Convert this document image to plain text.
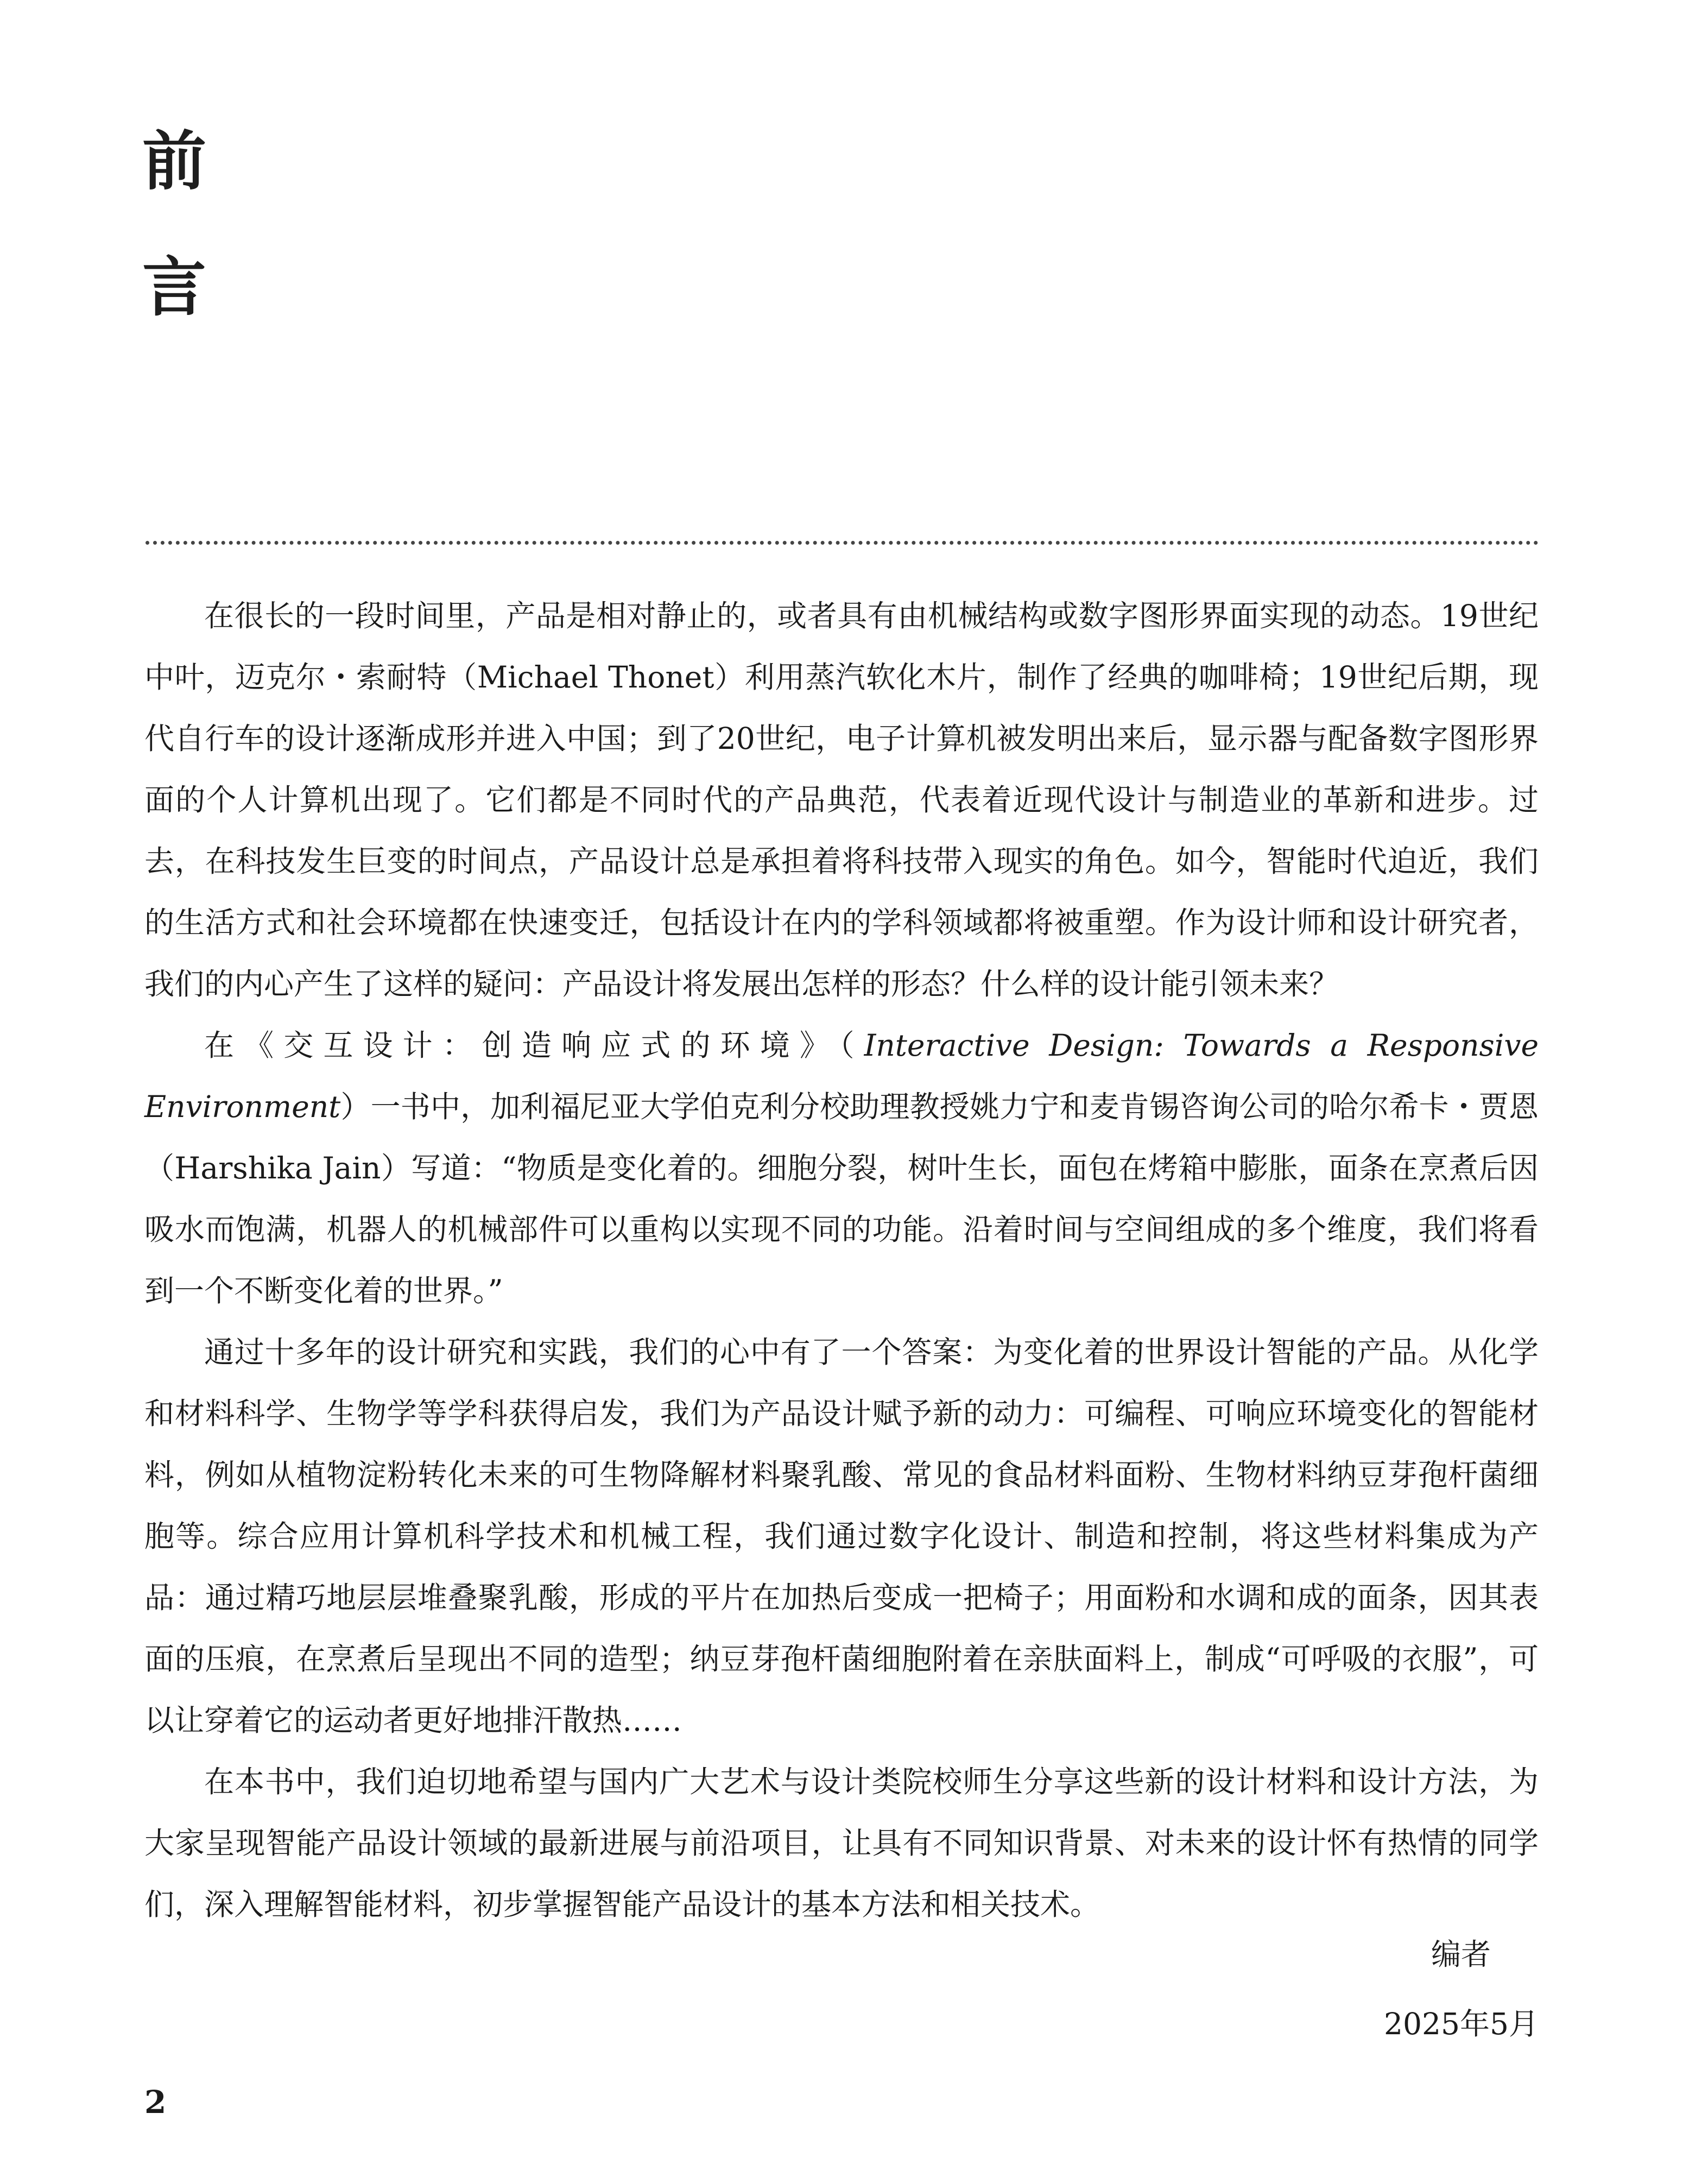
前
言

在很长的一段时间里，产品是相对静止的，或者具有由机械结构或数字图形界面实现的动态。19世纪中叶，迈克尔・索耐特（Michael Thonet）利用蒸汽软化木片，制作了经典的咖啡椅；19世纪后期，现代自行车的设计逐渐成形并进入中国；到了20世纪，电子计算机被发明出来后，显示器与配备数字图形界面的个人计算机出现了。它们都是不同时代的产品典范，代表着近现代设计与制造业的革新和进步。过去，在科技发生巨变的时间点，产品设计总是承担着将科技带入现实的角色。如今，智能时代迫近，我们的生活方式和社会环境都在快速变迁，包括设计在内的学科领域都将被重塑。作为设计师和设计研究者，我们的内心产生了这样的疑问：产品设计将发展出怎样的形态？什么样的设计能引领未来？

在《交互设计：创造响应式的环境》（Interactive Design: Towards a Responsive Environment）一书中，加利福尼亚大学伯克利分校助理教授姚力宁和麦肯锡咨询公司的哈尔希卡・贾恩（Harshika Jain）写道：“物质是变化着的。细胞分裂，树叶生长，面包在烤箱中膨胀，面条在烹煮后因吸水而饱满，机器人的机械部件可以重构以实现不同的功能。沿着时间与空间组成的多个维度，我们将看到一个不断变化着的世界。”

通过十多年的设计研究和实践，我们的心中有了一个答案：为变化着的世界设计智能的产品。从化学和材料科学、生物学等学科获得启发，我们为产品设计赋予新的动力：可编程、可响应环境变化的智能材料，例如从植物淀粉转化未来的可生物降解材料聚乳酸、常见的食品材料面粉、生物材料纳豆芽孢杆菌细胞等。综合应用计算机科学技术和机械工程，我们通过数字化设计、制造和控制，将这些材料集成为产品：通过精巧地层层堆叠聚乳酸，形成的平片在加热后变成一把椅子；用面粉和水调和成的面条，因其表面的压痕，在烹煮后呈现出不同的造型；纳豆芽孢杆菌细胞附着在亲肤面料上，制成“可呼吸的衣服”，可以让穿着它的运动者更好地排汗散热……

在本书中，我们迫切地希望与国内广大艺术与设计类院校师生分享这些新的设计材料和设计方法，为大家呈现智能产品设计领域的最新进展与前沿项目，让具有不同知识背景、对未来的设计怀有热情的同学们，深入理解智能材料，初步掌握智能产品设计的基本方法和相关技术。

编者
2025年5月
2
